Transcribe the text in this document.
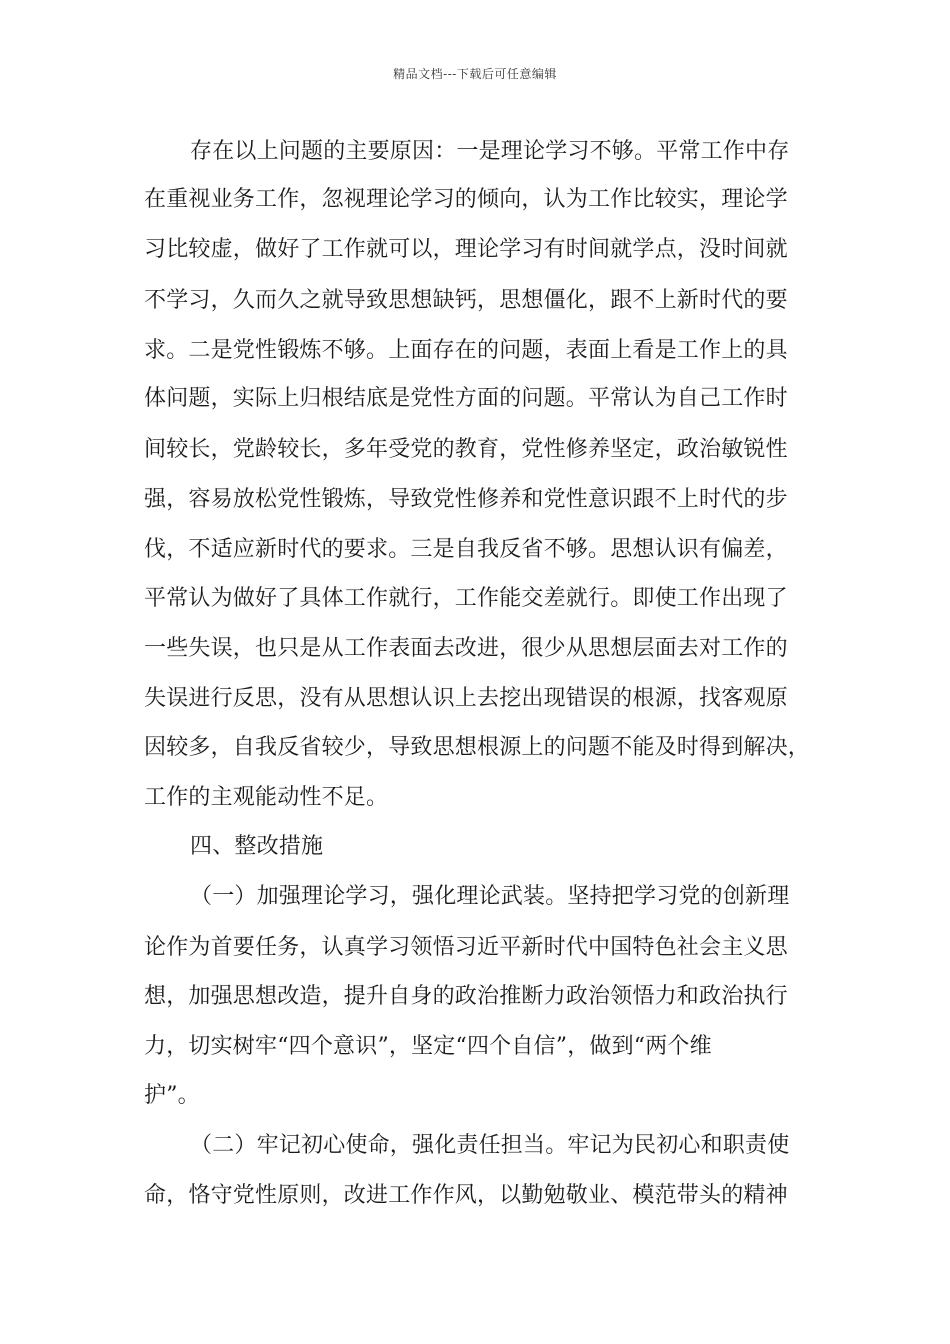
精品文档---下载后可任意编辑
存在以上问题的主要原因：一是理论学习不够。平常工作中存
在重视业务工作，忽视理论学习的倾向，认为工作比较实，理论学
习比较虚，做好了工作就可以，理论学习有时间就学点，没时间就
不学习，久而久之就导致思想缺钙，思想僵化，跟不上新时代的要
求。二是党性锻炼不够。上面存在的问题，表面上看是工作上的具
体问题，实际上归根结底是党性方面的问题。平常认为自己工作时
间较长，党龄较长，多年受党的教育，党性修养坚定，政治敏锐性
强，容易放松党性锻炼，导致党性修养和党性意识跟不上时代的步
伐，不适应新时代的要求。三是自我反省不够。思想认识有偏差，
平常认为做好了具体工作就行，工作能交差就行。即使工作出现了
一些失误，也只是从工作表面去改进，很少从思想层面去对工作的
失误进行反思，没有从思想认识上去挖出现错误的根源，找客观原
因较多，自我反省较少，导致思想根源上的问题不能及时得到解决，
工作的主观能动性不足。
四、整改措施
（一）加强理论学习，强化理论武装。坚持把学习党的创新理
论作为首要任务，认真学习领悟习近平新时代中国特色社会主义思
想，加强思想改造，提升自身的政治推断力政治领悟力和政治执行
力，切实树牢“四个意识”，坚定“四个自信”，做到“两个维
护”。
（二）牢记初心使命，强化责任担当。牢记为民初心和职责使
命，恪守党性原则，改进工作作风，以勤勉敬业、模范带头的精神
